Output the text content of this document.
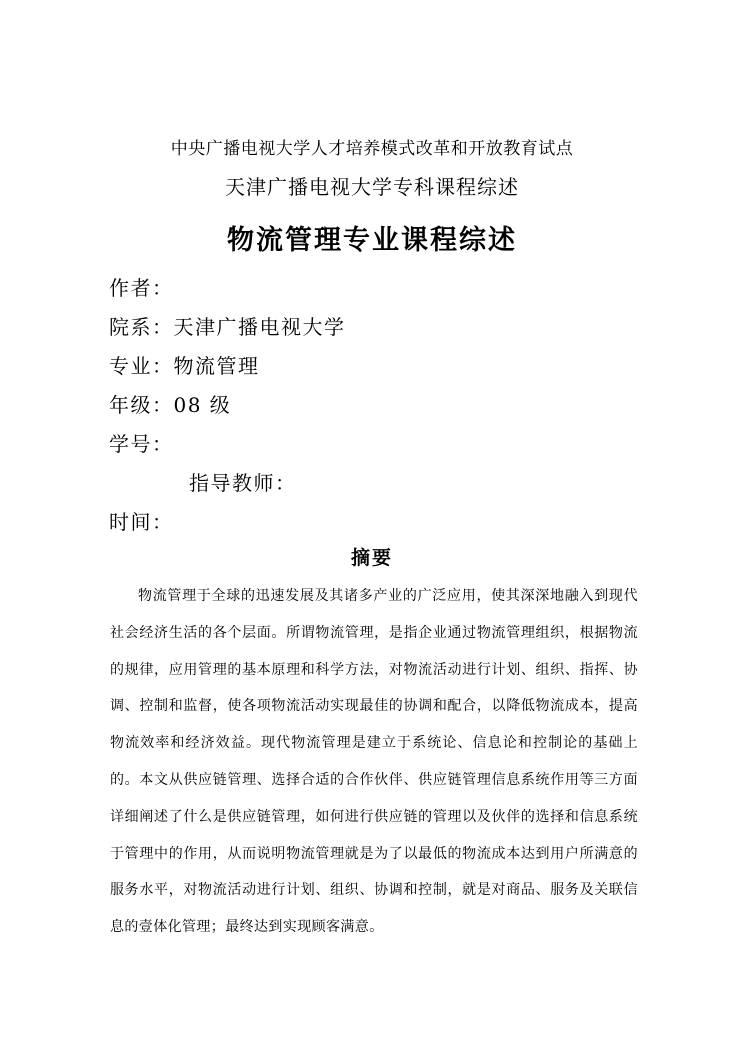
中央广播电视大学人才培养模式改革和开放教育试点
天津广播电视大学专科课程综述
物流管理专业课程综述
作者：
院系：天津广播电视大学
专业：物流管理
年级：08 级
学号：
指导教师：
时间：
摘要
物流管理于全球的迅速发展及其诸多产业的广泛应用，使其深深地融入到现代社会经济生活的各个层面。所谓物流管理，是指企业通过物流管理组织，根据物流的规律，应用管理的基本原理和科学方法，对物流活动进行计划、组织、指挥、协调、控制和监督，使各项物流活动实现最佳的协调和配合，以降低物流成本，提高物流效率和经济效益。现代物流管理是建立于系统论、信息论和控制论的基础上的。本文从供应链管理、选择合适的合作伙伴、供应链管理信息系统作用等三方面详细阐述了什么是供应链管理，如何进行供应链的管理以及伙伴的选择和信息系统于管理中的作用，从而说明物流管理就是为了以最低的物流成本达到用户所满意的服务水平，对物流活动进行计划、组织、协调和控制，就是对商品、服务及关联信息的壹体化管理；最终达到实现顾客满意。
